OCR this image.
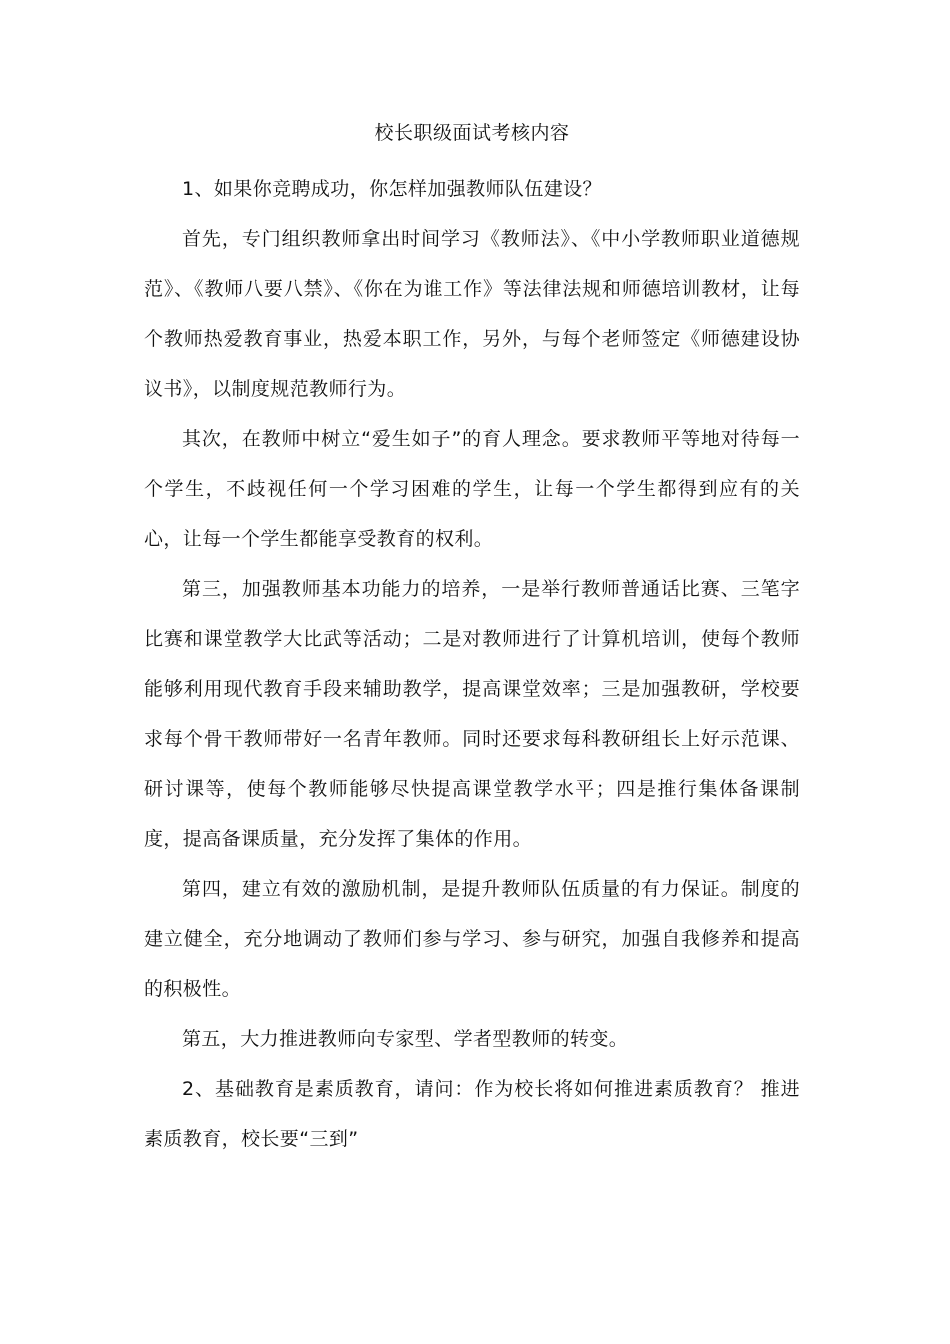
校长职级面试考核内容

1、如果你竞聘成功，你怎样加强教师队伍建设？

首先，专门组织教师拿出时间学习《教师法》、《中小学教师职业道德规范》、《教师八要八禁》、《你在为谁工作》等法律法规和师德培训教材，让每个教师热爱教育事业，热爱本职工作，另外，与每个老师签定《师德建设协议书》，以制度规范教师行为。

其次，在教师中树立“爱生如子”的育人理念。要求教师平等地对待每一个学生，不歧视任何一个学习困难的学生，让每一个学生都得到应有的关心，让每一个学生都能享受教育的权利。

第三，加强教师基本功能力的培养，一是举行教师普通话比赛、三笔字比赛和课堂教学大比武等活动；二是对教师进行了计算机培训，使每个教师能够利用现代教育手段来辅助教学，提高课堂效率；三是加强教研，学校要求每个骨干教师带好一名青年教师。同时还要求每科教研组长上好示范课、研讨课等，使每个教师能够尽快提高课堂教学水平；四是推行集体备课制度，提高备课质量，充分发挥了集体的作用。

第四，建立有效的激励机制，是提升教师队伍质量的有力保证。制度的建立健全，充分地调动了教师们参与学习、参与研究，加强自我修养和提高的积极性。

第五，大力推进教师向专家型、学者型教师的转变。

2、基础教育是素质教育，请问：作为校长将如何推进素质教育？ 推进素质教育，校长要“三到”
